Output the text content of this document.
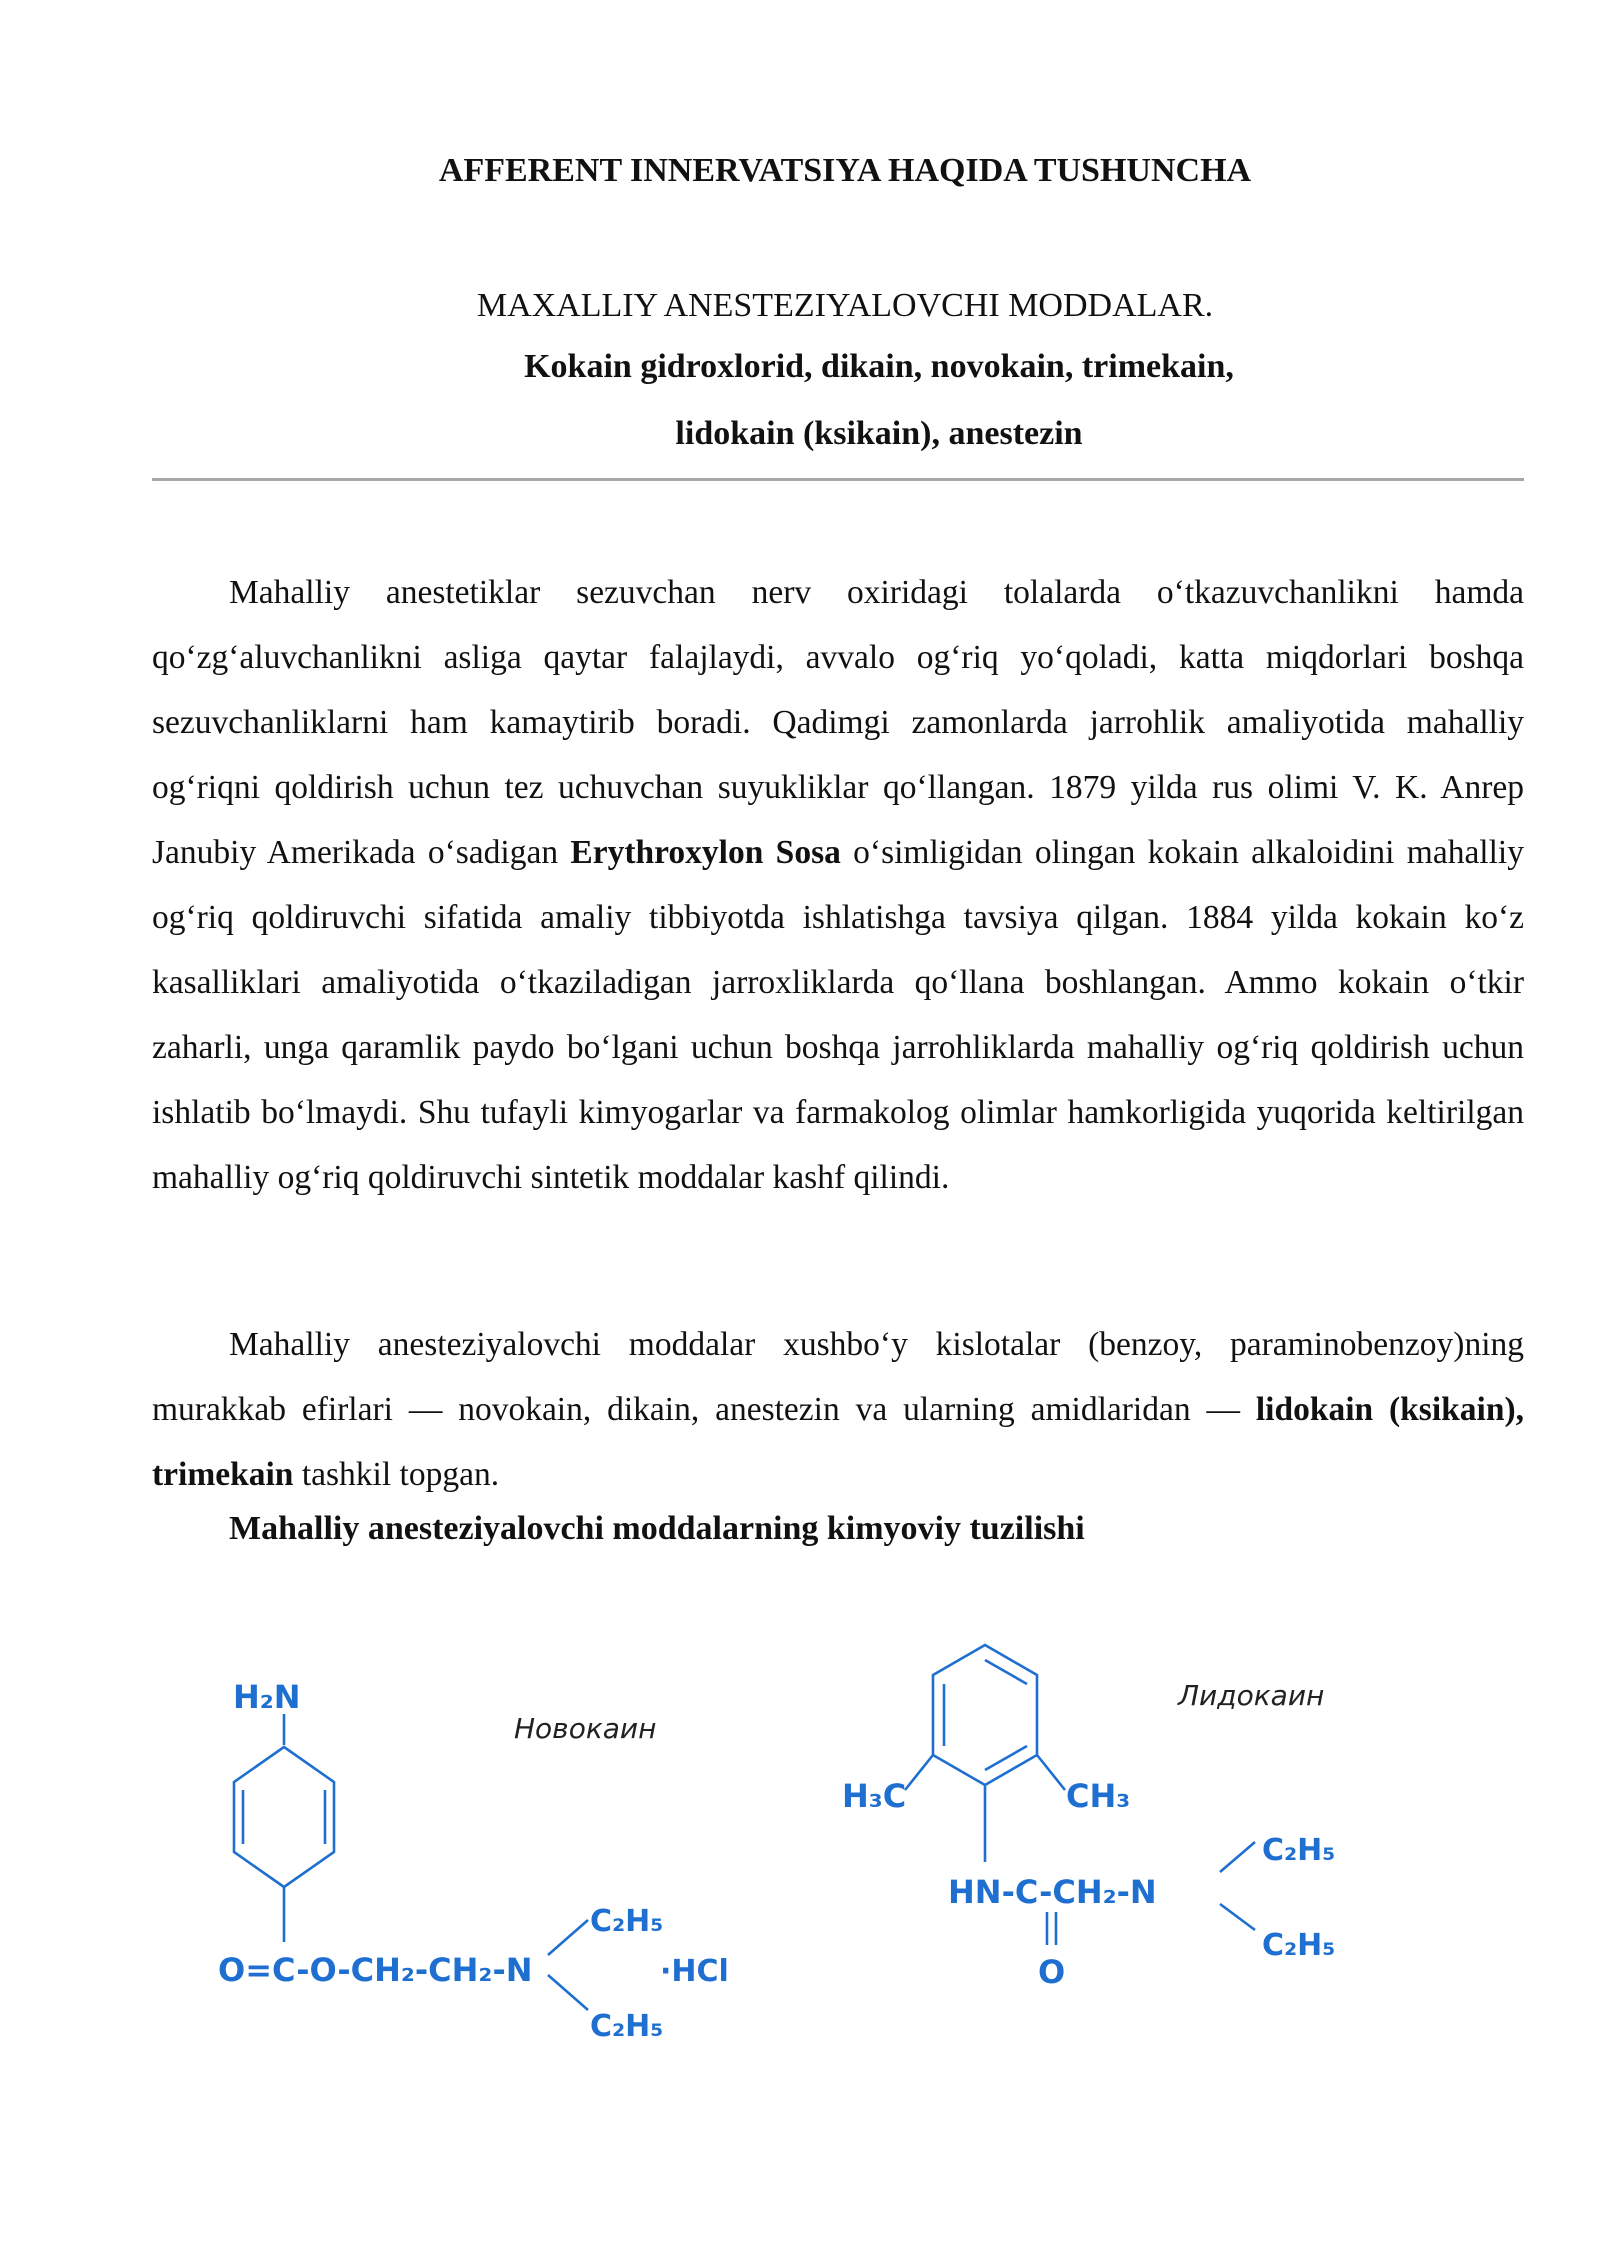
AFFERENT INNERVATSIYA HAQIDA TUSHUNCHA
MAXALLIY ANESTEZIYALOVCHI MODDALAR.
Kokain gidroxlorid, dikain, novokain, trimekain,
lidokain (ksikain), anestezin

Mahalliy anestetiklar sezuvchan nerv oxiridagi tolalarda o‘tkazuvchanlikni hamda qo‘zg‘aluvchanlikni asliga qaytar falajlaydi, avvalo og‘riq yo‘qoladi, katta miqdorlari boshqa sezuvchanliklarni ham kamaytirib boradi. Qadimgi zamonlarda jarrohlik amaliyotida mahalliy og‘riqni qoldirish uchun tez uchuvchan suyukliklar qo‘llangan. 1879 yilda rus olimi V. K. Anrep Janubiy Amerikada o‘sadigan Erythroxylon Sosa o‘simligidan olingan kokain alkaloidini mahalliy og‘riq qoldiruvchi sifatida amaliy tibbiyotda ishlatishga tavsiya qilgan. 1884 yilda kokain ko‘z kasalliklari amaliyotida o‘tkaziladigan jarroxliklarda qo‘llana boshlangan. Ammo kokain o‘tkir zaharli, unga qaramlik paydo bo‘lgani uchun boshqa jarrohliklarda mahalliy og‘riq qoldirish uchun ishlatib bo‘lmaydi. Shu tufayli kimyogarlar va farmakolog olimlar hamkorligida yuqorida keltirilgan mahalliy og‘riq qoldiruvchi sintetik moddalar kashf qilindi.

Mahalliy anesteziyalovchi moddalar xushbo‘y kislotalar (benzoy, paraminobenzoy)ning murakkab efirlari — novokain, dikain, anestezin va ularning amidlaridan — lidokain (ksikain), trimekain tashkil topgan.

Mahalliy anesteziyalovchi moddalarning kimyoviy tuzilishi
H₂N
O=C-O-CH₂-CH₂-N
C₂H₅
C₂H₅
·HCl
Новокаин
H₃C	CH₃
HN-C-CH₂-N
O
C₂H₅
C₂H₅
Лидокаин
